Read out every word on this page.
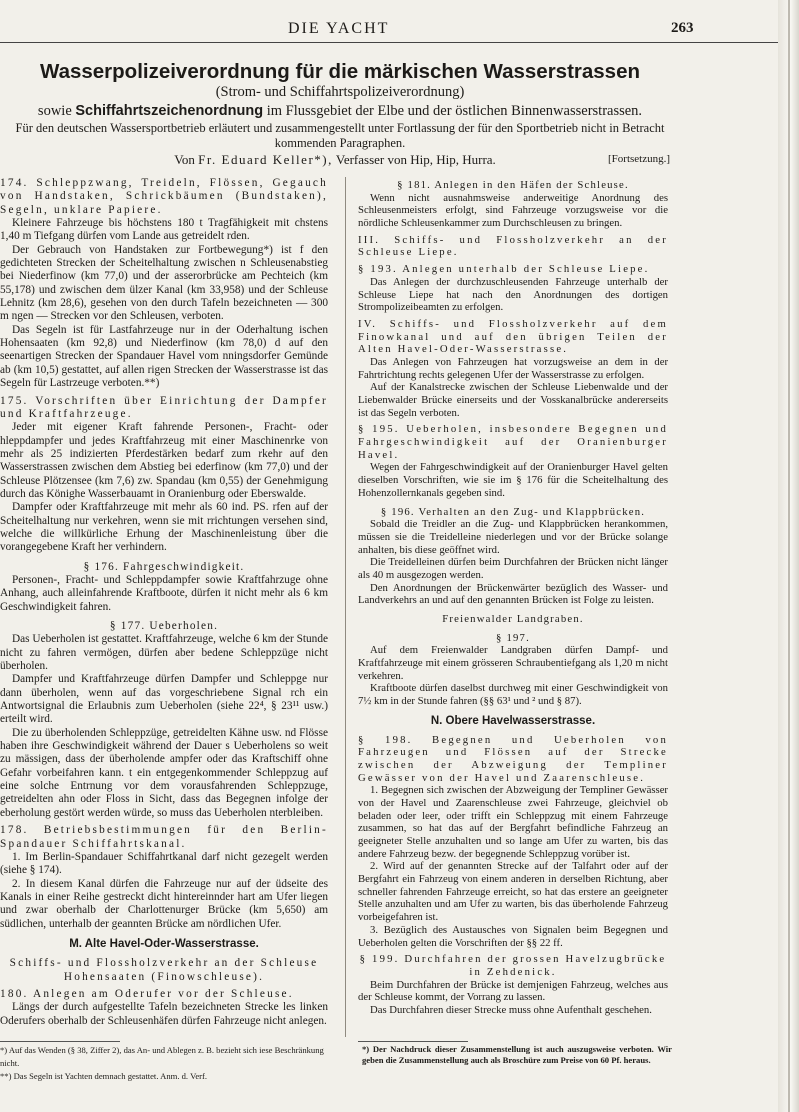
DIE YACHT	263
Wasserpolizeiverordnung für die märkischen Wasserstrassen
(Strom- und Schiffahrtspolizeiverordnung)
sowie Schiffahrtszeichenordnung im Flussgebiet der Elbe und der östlichen Binnenwasserstrassen.
Für den deutschen Wassersportbetrieb erläutert und zusammengestellt unter Fortlassung der für den Sportbetrieb nicht in Betracht kommenden Paragraphen.
Von Fr. Eduard Keller*), Verfasser von Hip, Hip, Hurra.	[Fortsetzung.]

174. Schleppzwang, Treideln, Flössen, Gegauch von Handstaken, Schrickbäumen (Bundstaken), Segeln, unklare Papiere.

Kleinere Fahrzeuge bis höchstens 180 t Tragfähigkeit mit chstens 1,40 m Tiefgang dürfen vom Lande aus getreidelt rden.

Der Gebrauch von Handstaken zur Fortbewegung*) ist f den gedichteten Strecken der Scheitelhaltung zwischen n Schleusenabstieg bei Niederfinow (km 77,0) und der asserorbrücke am Pechteich (km 55,178) und zwischen dem ülzer Kanal (km 33,958) und der Schleuse Lehnitz (km 28,6), gesehen von den durch Tafeln bezeichneten — 300 m ngen — Strecken vor den Schleusen, verboten.

Das Segeln ist für Lastfahrzeuge nur in der Oderhaltung ischen Hohensaaten (km 92,8) und Niederfinow (km 78,0) d auf den seenartigen Strecken der Spandauer Havel vom nningsdorfer Gemünde ab (km 10,5) gestattet, auf allen rigen Strecken der Wasserstrasse ist das Segeln für Lastrzeuge verboten.**)

175. Vorschriften über Einrichtung der Dampfer und Kraftfahrzeuge.

Jeder mit eigener Kraft fahrende Personen-, Fracht- oder hleppdampfer und jedes Kraftfahrzeug mit einer Maschinenrke von mehr als 25 indizierten Pferdestärken bedarf zum rkehr auf den Wasserstrassen zwischen dem Abstieg bei ederfinow (km 77,0) und der Schleuse Plötzensee (km 7,6) zw. Spandau (km 0,55) der Genehmigung durch das Könighe Wasserbauamt in Oranienburg oder Eberswalde.

Dampfer oder Kraftfahrzeuge mit mehr als 60 ind. PS. rfen auf der Scheitelhaltung nur verkehren, wenn sie mit rrichtungen versehen sind, welche die willkürliche Erhung der Maschinenleistung über die vorangegebene Kraft her verhindern.

§ 176. Fahrgeschwindigkeit.

Personen-, Fracht- und Schleppdampfer sowie Kraftfahrzuge ohne Anhang, auch alleinfahrende Kraftboote, dürfen it nicht mehr als 6 km Geschwindigkeit fahren.

§ 177. Ueberholen.

Das Ueberholen ist gestattet. Kraftfahrzeuge, welche 6 km der Stunde nicht zu fahren vermögen, dürfen aber bedene Schleppzüge nicht überholen.

Dampfer und Kraftfahrzeuge dürfen Dampfer und Schleppge nur dann überholen, wenn auf das vorgeschriebene Signal rch ein Antwortsignal die Erlaubnis zum Ueberholen (siehe 22⁴, § 23¹¹ usw.) erteilt wird.

Die zu überholenden Schleppzüge, getreidelten Kähne usw. nd Flösse haben ihre Geschwindigkeit während der Dauer s Ueberholens so weit zu mässigen, dass der überholende ampfer oder das Kraftschiff ohne Gefahr vorbeifahren kann. t ein entgegenkommender Schleppzug auf eine solche Entrnung vor dem vorausfahrenden Schleppzuge, getreidelten ahn oder Floss in Sicht, dass das Begegnen infolge der eberholung gestört werden würde, so muss das Ueberholen nterbleiben.

178. Betriebsbestimmungen für den Berlin-Spandauer Schiffahrtskanal.

1. Im Berlin-Spandauer Schiffahrtkanal darf nicht gezegelt werden (siehe § 174).

2. In diesem Kanal dürfen die Fahrzeuge nur auf der üdseite des Kanals in einer Reihe gestreckt dicht hintereinnder hart am Ufer liegen und zwar oberhalb der Charlottenurger Brücke (km 5,650) am südlichen, unterhalb der geannten Brücke am nördlichen Ufer.

M. Alte Havel-Oder-Wasserstrasse.

Schiffs- und Flossholzverkehr an der Schleuse Hohensaaten (Finowschleuse).

180. Anlegen am Oderufer vor der Schleuse.

Längs der durch aufgestellte Tafeln bezeichneten Strecke les linken Oderufers oberhalb der Schleusenhäfen dürfen Fahrzeuge nicht anlegen.

§ 181. Anlegen in den Häfen der Schleuse.

Wenn nicht ausnahmsweise anderweitige Anordnung des Schleusenmeisters erfolgt, sind Fahrzeuge vorzugsweise vor die nördliche Schleusenkammer zum Durchschleusen zu bringen.

III. Schiffs- und Flossholzverkehr an der Schleuse Liepe.

§ 193. Anlegen unterhalb der Schleuse Liepe.

Das Anlegen der durchzuschleusenden Fahrzeuge unterhalb der Schleuse Liepe hat nach den Anordnungen des dortigen Strompolizeibeamten zu erfolgen.

IV. Schiffs- und Flossholzverkehr auf dem Finowkanal und auf den übrigen Teilen der Alten Havel-Oder-Wasserstrasse.

Das Anlegen von Fahrzeugen hat vorzugsweise an dem in der Fahrtrichtung rechts gelegenen Ufer der Wasserstrasse zu erfolgen.

Auf der Kanalstrecke zwischen der Schleuse Liebenwalde und der Liebenwalder Brücke einerseits und der Vosskanalbrücke andererseits ist das Segeln verboten.

§ 195. Ueberholen, insbesondere Begegnen und Fahrgeschwindigkeit auf der Oranienburger Havel.

Wegen der Fahrgeschwindigkeit auf der Oranienburger Havel gelten dieselben Vorschriften, wie sie im § 176 für die Scheitelhaltung des Hohenzollernkanals gegeben sind.

§ 196. Verhalten an den Zug- und Klappbrücken.

Sobald die Treidler an die Zug- und Klappbrücken herankommen, müssen sie die Treidelleine niederlegen und vor der Brücke solange anhalten, bis diese geöffnet wird.

Die Treidelleinen dürfen beim Durchfahren der Brücken nicht länger als 40 m ausgezogen werden.

Den Anordnungen der Brückenwärter bezüglich des Wasser- und Landverkehrs an und auf den genannten Brücken ist Folge zu leisten.

Freienwalder Landgraben.

§ 197.

Auf dem Freienwalder Landgraben dürfen Dampf- und Kraftfahrzeuge mit einem grösseren Schraubentiefgang als 1,20 m nicht verkehren.

Kraftboote dürfen daselbst durchweg mit einer Geschwindigkeit von 7½ km in der Stunde fahren (§§ 63¹ und ² und § 87).

N. Obere Havelwasserstrasse.

§ 198. Begegnen und Ueberholen von Fahrzeugen und Flössen auf der Strecke zwischen der Abzweigung der Templiner Gewässer von der Havel und Zaarenschleuse.

1. Begegnen sich zwischen der Abzweigung der Templiner Gewässer von der Havel und Zaarenschleuse zwei Fahrzeuge, gleichviel ob beladen oder leer, oder trifft ein Schleppzug mit einem Fahrzeuge zusammen, so hat das auf der Bergfahrt befindliche Fahrzeug an geeigneter Stelle anzuhalten und so lange am Ufer zu warten, bis das andere Fahrzeug bezw. der begegnende Schleppzug vorüber ist.

2. Wird auf der genannten Strecke auf der Talfahrt oder auf der Bergfahrt ein Fahrzeug von einem anderen in derselben Richtung, aber schneller fahrenden Fahrzeuge erreicht, so hat das erstere an geeigneter Stelle anzuhalten und am Ufer zu warten, bis das überholende Fahrzeug vorbeigefahren ist.

3. Bezüglich des Austausches von Signalen beim Begegnen und Ueberholen gelten die Vorschriften der §§ 22 ff.

§ 199. Durchfahren der grossen Havelzugbrücke in Zehdenick.

Beim Durchfahren der Brücke ist demjenigen Fahrzeug, welches aus der Schleuse kommt, der Vorrang zu lassen.

Das Durchfahren dieser Strecke muss ohne Aufenthalt geschehen.

*) Auf das Wenden (§ 38, Ziffer 2), das An- und Ablegen z. B. bezieht sich iese Beschränkung nicht.
**) Das Segeln ist Yachten demnach gestattet. Anm. d. Verf.
*) Der Nachdruck dieser Zusammenstellung ist auch auszugsweise verboten. Wir geben die Zusammenstellung auch als Broschüre zum Preise von 60 Pf. heraus.
